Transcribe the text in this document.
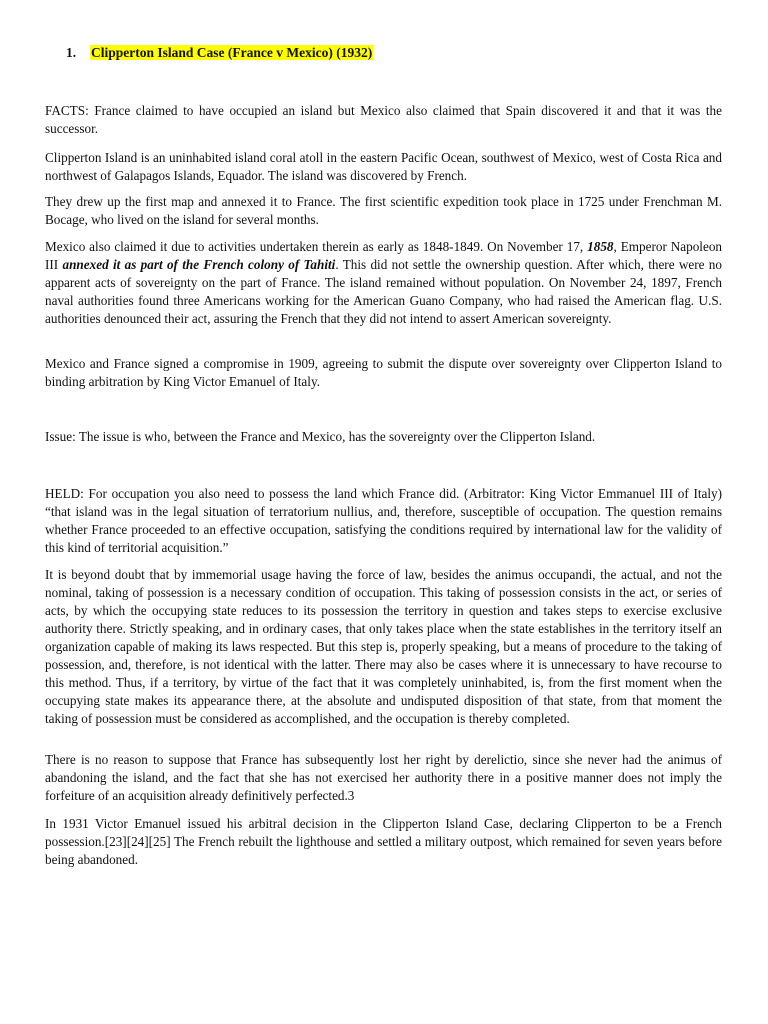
1. Clipperton Island Case (France v Mexico) (1932)

FACTS: France claimed to have occupied an island but Mexico also claimed that Spain discovered it and that it was the successor.

Clipperton Island is an uninhabited island coral atoll in the eastern Pacific Ocean, southwest of Mexico, west of Costa Rica and northwest of Galapagos Islands, Equador. The island was discovered by French.

They drew up the first map and annexed it to France. The first scientific expedition took place in 1725 under Frenchman M. Bocage, who lived on the island for several months.

Mexico also claimed it due to activities undertaken therein as early as 1848-1849. On November 17, 1858, Emperor Napoleon III annexed it as part of the French colony of Tahiti. This did not settle the ownership question. After which, there were no apparent acts of sovereignty on the part of France. The island remained without population. On November 24, 1897, French naval authorities found three Americans working for the American Guano Company, who had raised the American flag. U.S. authorities denounced their act, assuring the French that they did not intend to assert American sovereignty.

Mexico and France signed a compromise in 1909, agreeing to submit the dispute over sovereignty over Clipperton Island to binding arbitration by King Victor Emanuel of Italy.

Issue: The issue is who, between the France and Mexico, has the sovereignty over the Clipperton Island.

HELD: For occupation you also need to possess the land which France did. (Arbitrator: King Victor Emmanuel III of Italy) “that island was in the legal situation of terratorium nullius, and, therefore, susceptible of occupation. The question remains whether France proceeded to an effective occupation, satisfying the conditions required by international law for the validity of this kind of territorial acquisition.”

It is beyond doubt that by immemorial usage having the force of law, besides the animus occupandi, the actual, and not the nominal, taking of possession is a necessary condition of occupation. This taking of possession consists in the act, or series of acts, by which the occupying state reduces to its possession the territory in question and takes steps to exercise exclusive authority there. Strictly speaking, and in ordinary cases, that only takes place when the state establishes in the territory itself an organization capable of making its laws respected. But this step is, properly speaking, but a means of procedure to the taking of possession, and, therefore, is not identical with the latter. There may also be cases where it is unnecessary to have recourse to this method. Thus, if a territory, by virtue of the fact that it was completely uninhabited, is, from the first moment when the occupying state makes its appearance there, at the absolute and undisputed disposition of that state, from that moment the taking of possession must be considered as accomplished, and the occupation is thereby completed.

There is no reason to suppose that France has subsequently lost her right by derelictio, since she never had the animus of abandoning the island, and the fact that she has not exercised her authority there in a positive manner does not imply the forfeiture of an acquisition already definitively perfected.3

In 1931 Victor Emanuel issued his arbitral decision in the Clipperton Island Case, declaring Clipperton to be a French possession.[23][24][25] The French rebuilt the lighthouse and settled a military outpost, which remained for seven years before being abandoned.
